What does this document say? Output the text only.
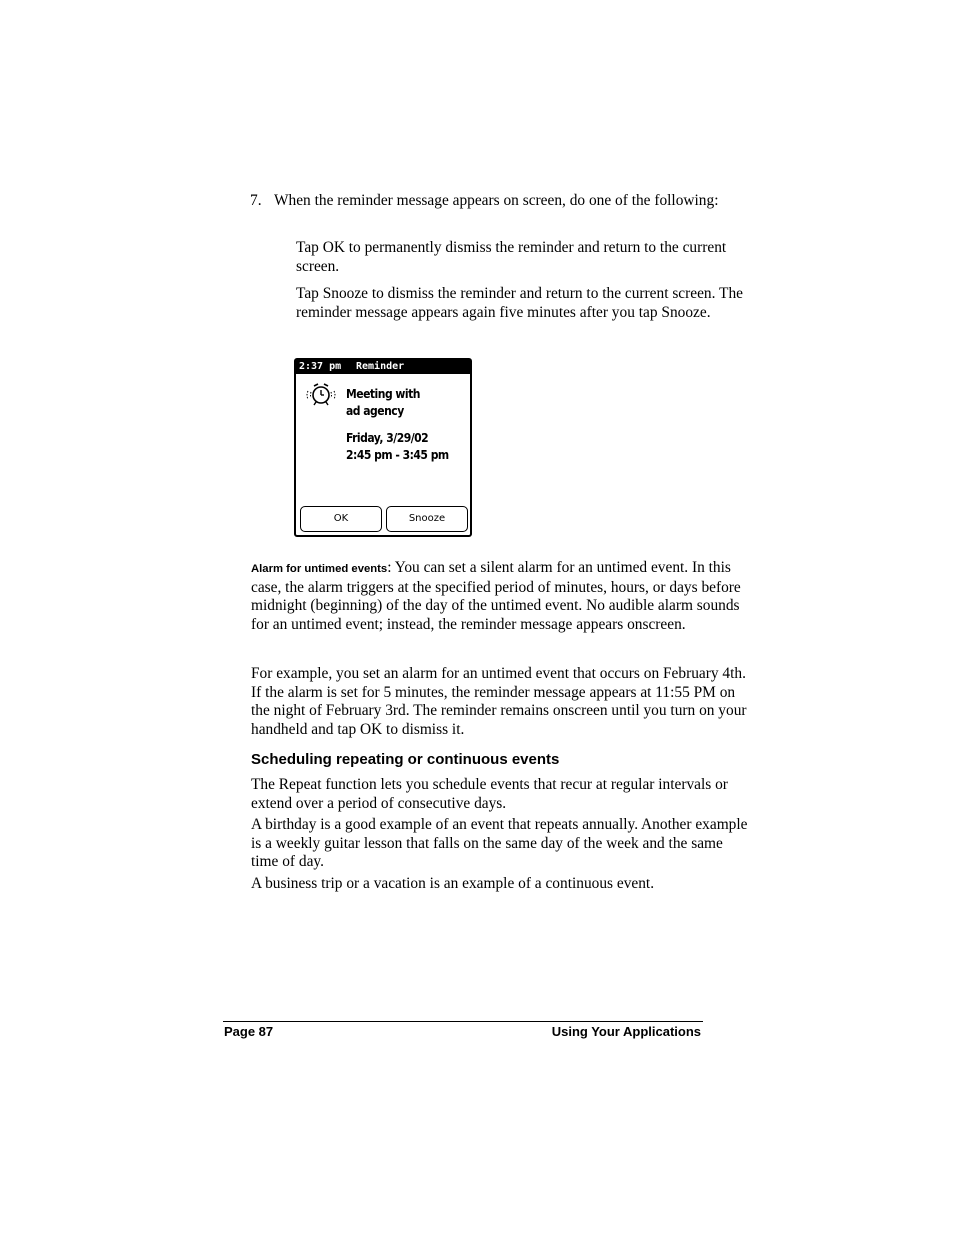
7. When the reminder message appears on screen, do one of the following:
Tap OK to permanently dismiss the reminder and return to the current screen.
Tap Snooze to dismiss the reminder and return to the current screen. The reminder message appears again five minutes after you tap Snooze.
2:37 pm Reminder
Meeting with
ad agency
Friday, 3/29/02
2:45 pm - 3:45 pm
OK	Snooze
Alarm for untimed events: You can set a silent alarm for an untimed event. In this case, the alarm triggers at the specified period of minutes, hours, or days before midnight (beginning) of the day of the untimed event. No audible alarm sounds for an untimed event; instead, the reminder message appears onscreen.
For example, you set an alarm for an untimed event that occurs on February 4th. If the alarm is set for 5 minutes, the reminder message appears at 11:55 PM on the night of February 3rd. The reminder remains onscreen until you turn on your handheld and tap OK to dismiss it.
Scheduling repeating or continuous events
The Repeat function lets you schedule events that recur at regular intervals or extend over a period of consecutive days.
A birthday is a good example of an event that repeats annually. Another example is a weekly guitar lesson that falls on the same day of the week and the same time of day.
A business trip or a vacation is an example of a continuous event.
Page 87	Using Your Applications
